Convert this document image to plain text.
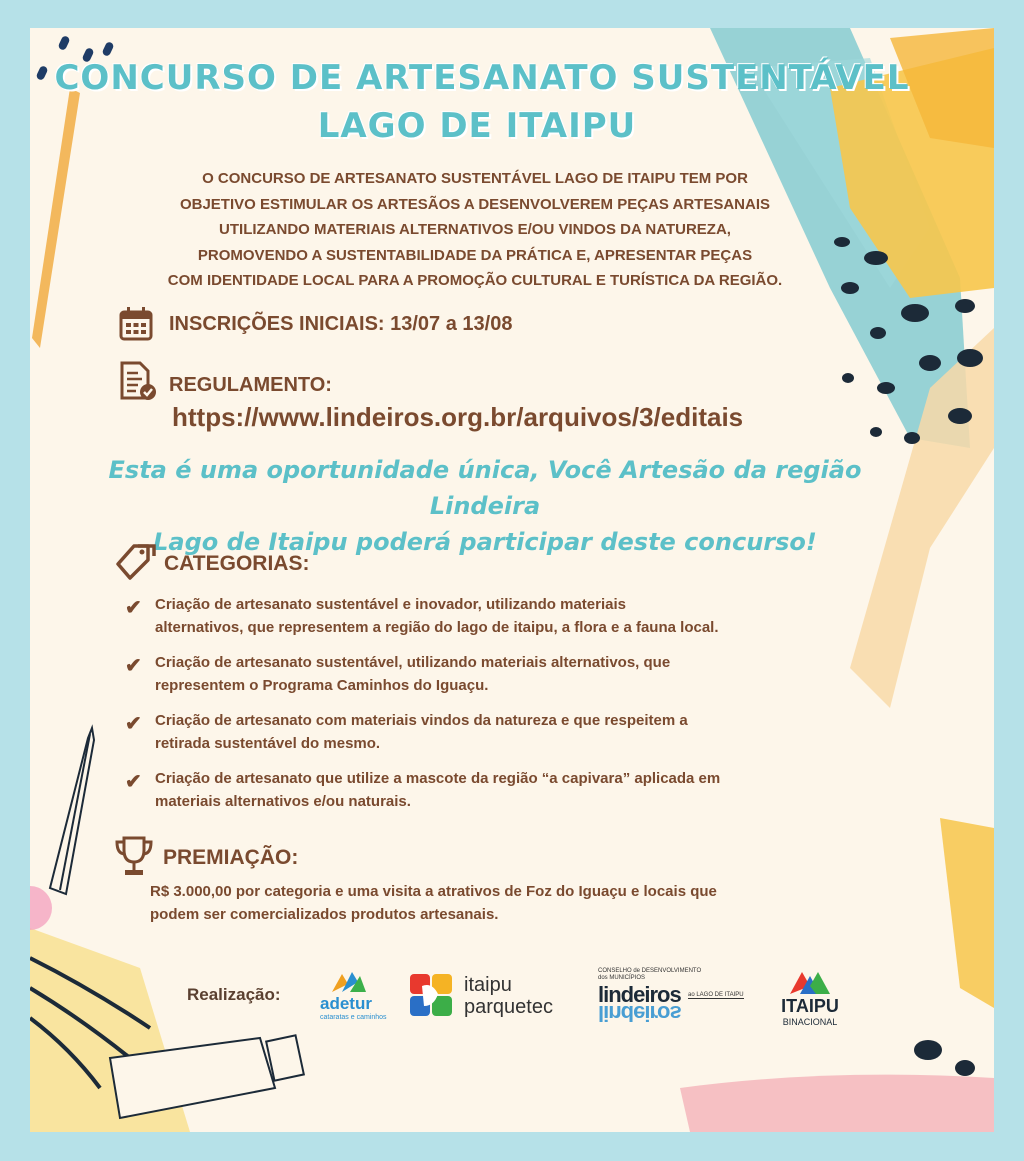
CONCURSO DE ARTESANATO SUSTENTÁVEL
LAGO DE ITAIPU
O CONCURSO DE ARTESANATO SUSTENTÁVEL LAGO DE ITAIPU TEM POR
OBJETIVO ESTIMULAR OS ARTESÃOS A DESENVOLVEREM PEÇAS ARTESANAIS
UTILIZANDO MATERIAIS ALTERNATIVOS E/OU VINDOS DA NATUREZA,
PROMOVENDO A SUSTENTABILIDADE DA PRÁTICA E, APRESENTAR PEÇAS
COM IDENTIDADE LOCAL PARA A PROMOÇÃO CULTURAL E TURÍSTICA DA REGIÃO.
INSCRIÇÕES INICIAIS: 13/07 a 13/08
REGULAMENTO:
https://www.lindeiros.org.br/arquivos/3/editais
Esta é uma oportunidade única, Você Artesão da região Lindeira
Lago de Itaipu poderá participar deste concurso!
CATEGORIAS:
✔ Criação de artesanato sustentável e inovador, utilizando materiais
alternativos, que representem a região do lago de itaipu, a flora e a fauna local.
✔ Criação de artesanato sustentável, utilizando materiais alternativos, que
representem o Programa Caminhos do Iguaçu.
✔ Criação de artesanato com materiais vindos da natureza e que respeitem a
retirada sustentável do mesmo.
✔ Criação de artesanato que utilize a mascote da região “a capivara” aplicada em
materiais alternativos e/ou naturais.
PREMIAÇÃO:
R$ 3.000,00 por categoria e uma visita a atrativos de Foz do Iguaçu e locais que
podem ser comercializados produtos artesanais.
Realização: adetur
cataratas e caminhos
itaipu
parquetec
CONSELHO de DESENVOLVIMENTO dos MUNICÍPIOS
lindeiros
lindeiros
ao LAGO DE ITAIPU
ITAIPU
BINACIONAL
